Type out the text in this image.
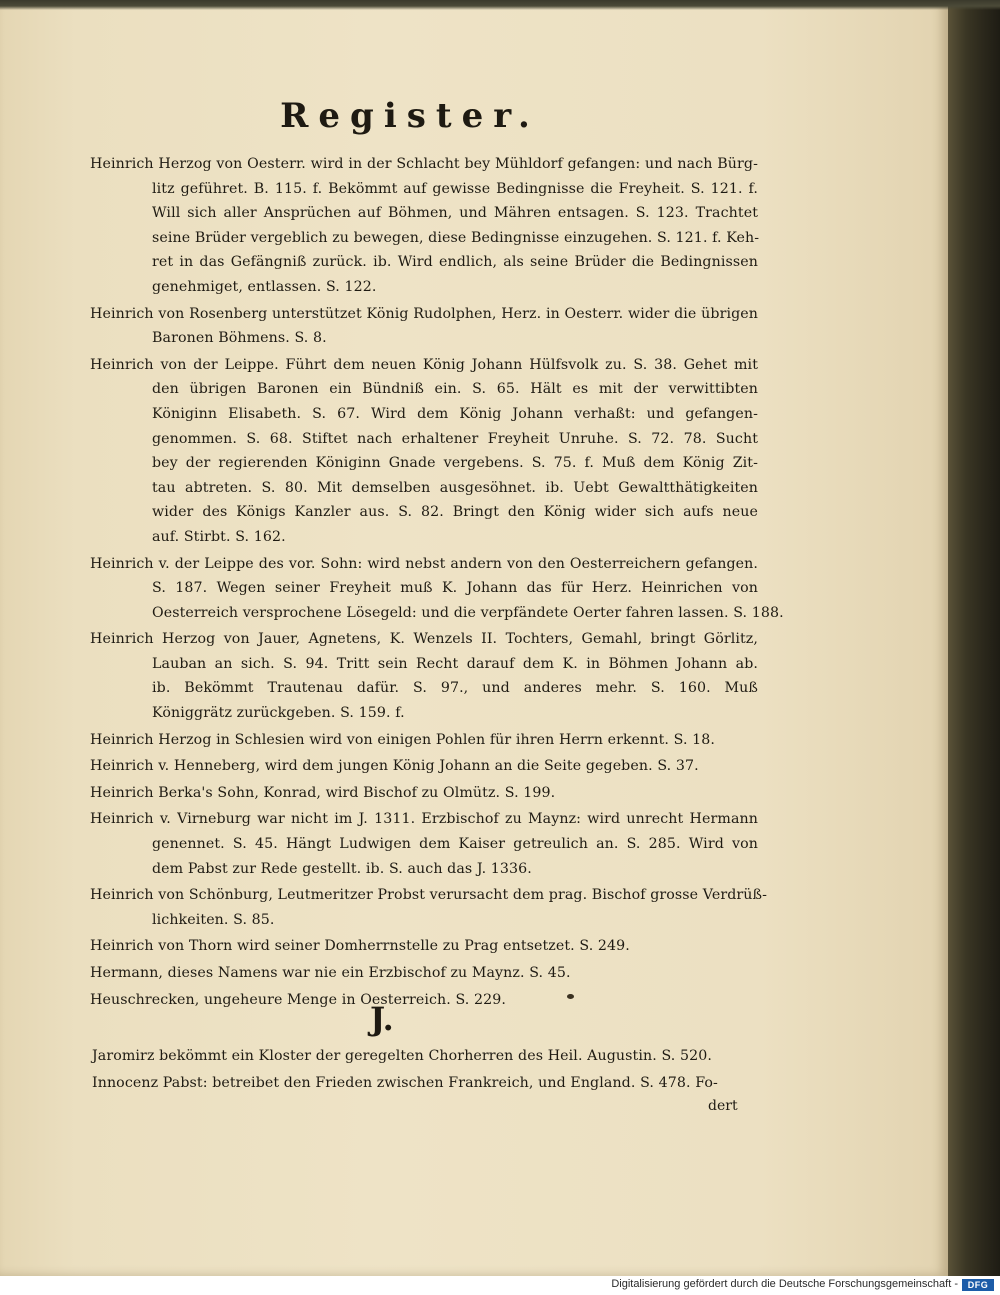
Register.
Heinrich Herzog von Oesterr. wird in der Schlacht bey Mühldorf gefangen: und nach Bürg-
litz geführet. B. 115. f. Bekömmt auf gewisse Bedingnisse die Freyheit. S. 121. f.
Will sich aller Ansprüchen auf Böhmen, und Mähren entsagen. S. 123. Trachtet
seine Brüder vergeblich zu bewegen, diese Bedingnisse einzugehen. S. 121. f. Keh-
ret in das Gefängniß zurück. ib. Wird endlich, als seine Brüder die Bedingnissen
genehmiget, entlassen. S. 122.
Heinrich von Rosenberg unterstützet König Rudolphen, Herz. in Oesterr. wider die übrigen
Baronen Böhmens. S. 8.
Heinrich von der Leippe. Führt dem neuen König Johann Hülfsvolk zu. S. 38. Gehet mit
den übrigen Baronen ein Bündniß ein. S. 65. Hält es mit der verwittibten
Königinn Elisabeth. S. 67. Wird dem König Johann verhaßt: und gefangen-
genommen. S. 68. Stiftet nach erhaltener Freyheit Unruhe. S. 72. 78. Sucht
bey der regierenden Königinn Gnade vergebens. S. 75. f. Muß dem König Zit-
tau abtreten. S. 80. Mit demselben ausgesöhnet. ib. Uebt Gewaltthätigkeiten
wider des Königs Kanzler aus. S. 82. Bringt den König wider sich aufs neue
auf. Stirbt. S. 162.
Heinrich v. der Leippe des vor. Sohn: wird nebst andern von den Oesterreichern gefangen.
S. 187. Wegen seiner Freyheit muß K. Johann das für Herz. Heinrichen von
Oesterreich versprochene Lösegeld: und die verpfändete Oerter fahren lassen. S. 188.
Heinrich Herzog von Jauer, Agnetens, K. Wenzels II. Tochters, Gemahl, bringt Görlitz,
Lauban an sich. S. 94. Tritt sein Recht darauf dem K. in Böhmen Johann ab.
ib. Bekömmt Trautenau dafür. S. 97., und anderes mehr. S. 160. Muß
Königgrätz zurückgeben. S. 159. f.
Heinrich Herzog in Schlesien wird von einigen Pohlen für ihren Herrn erkennt. S. 18.
Heinrich v. Henneberg, wird dem jungen König Johann an die Seite gegeben. S. 37.
Heinrich Berka's Sohn, Konrad, wird Bischof zu Olmütz. S. 199.
Heinrich v. Virneburg war nicht im J. 1311. Erzbischof zu Maynz: wird unrecht Hermann
genennet. S. 45. Hängt Ludwigen dem Kaiser getreulich an. S. 285. Wird von
dem Pabst zur Rede gestellt. ib. S. auch das J. 1336.
Heinrich von Schönburg, Leutmeritzer Probst verursacht dem prag. Bischof grosse Verdrüß-
lichkeiten. S. 85.
Heinrich von Thorn wird seiner Domherrnstelle zu Prag entsetzet. S. 249.
Hermann, dieses Namens war nie ein Erzbischof zu Maynz. S. 45.
Heuschrecken, ungeheure Menge in Oesterreich. S. 229.
J.
Jaromirz bekömmt ein Kloster der geregelten Chorherren des Heil. Augustin. S. 520.
Innocenz Pabst: betreibet den Frieden zwischen Frankreich, und England. S. 478. Fo-
dert
Digitalisierung gefördert durch die Deutsche Forschungsgemeinschaft -	DFG
